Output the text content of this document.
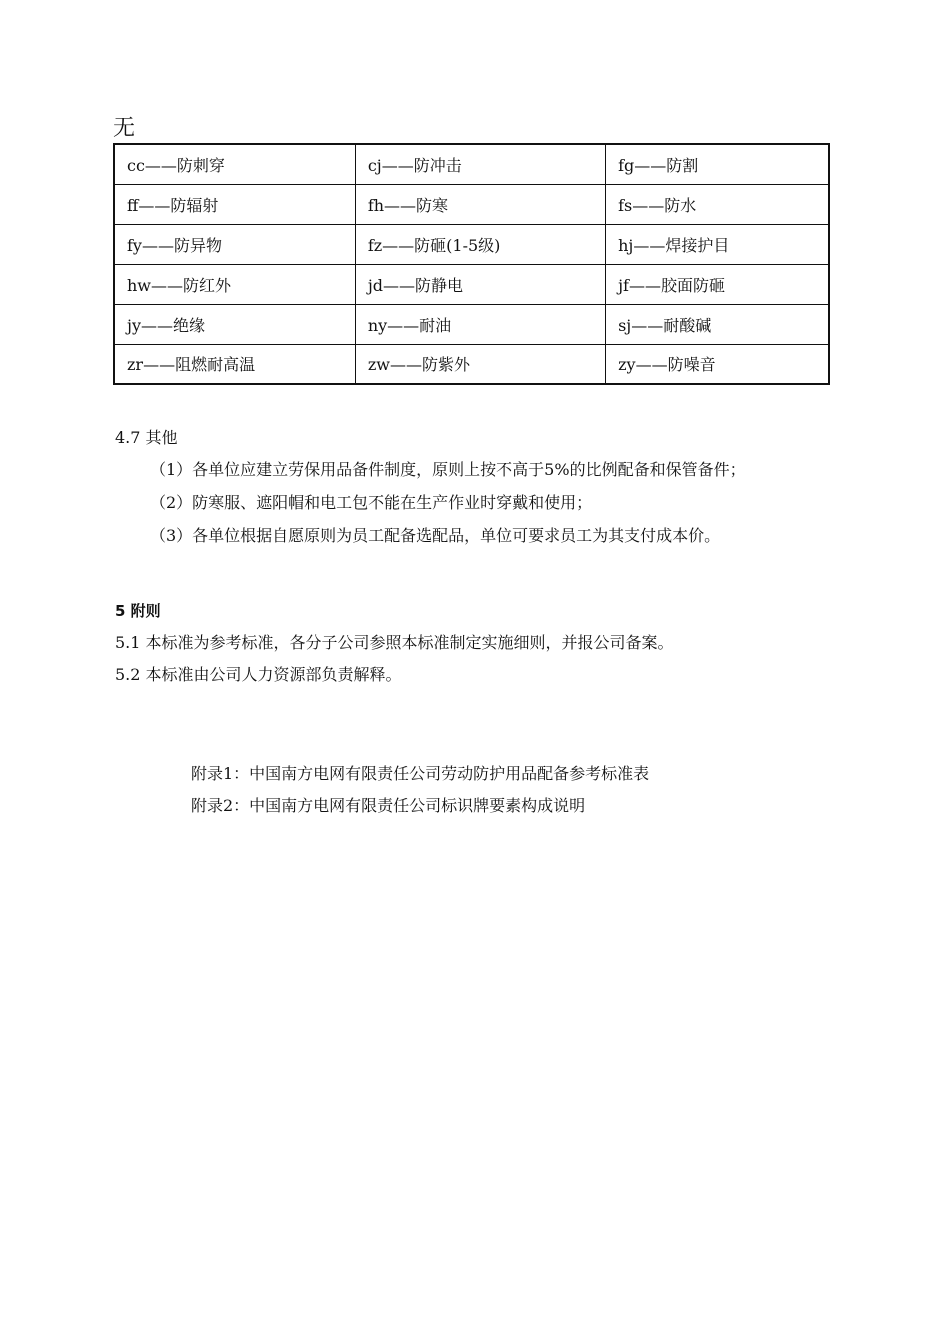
无
cc——防刺穿	cj——防冲击	fg——防割
ff——防辐射	fh——防寒	fs——防水
fy——防异物	fz——防砸(1-5级)	hj——焊接护目
hw——防红外	jd——防静电	jf——胶面防砸
jy——绝缘	ny——耐油	sj——耐酸碱
zr——阻燃耐高温	zw——防紫外	zy——防噪音
4.7 其他
（1）各单位应建立劳保用品备件制度，原则上按不高于5%的比例配备和保管备件；
（2）防寒服、遮阳帽和电工包不能在生产作业时穿戴和使用；
（3）各单位根据自愿原则为员工配备选配品，单位可要求员工为其支付成本价。
5 附则
5.1 本标准为参考标准，各分子公司参照本标准制定实施细则，并报公司备案。
5.2 本标准由公司人力资源部负责解释。
附录1：中国南方电网有限责任公司劳动防护用品配备参考标准表
附录2：中国南方电网有限责任公司标识牌要素构成说明
